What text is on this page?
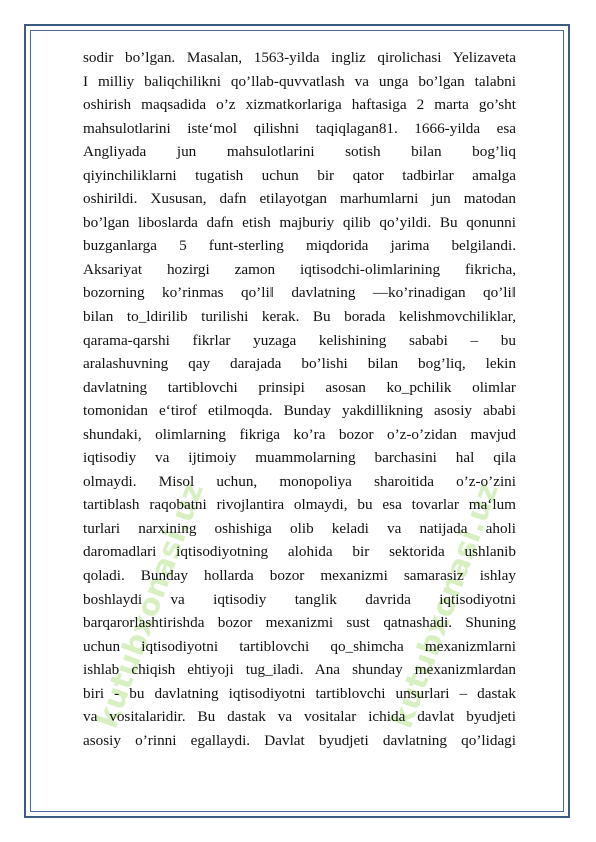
kutubxonasi.uz	kutubxonasi.uz

sodir bo’lgan. Masalan, 1563-yilda ingliz qirolichasi Yelizaveta
I milliy baliqchilikni qo’llab-quvvatlash va unga bo’lgan talabni
oshirish maqsadida o’z xizmatkorlariga haftasiga 2 marta go’sht
mahsulotlarini iste‘mol qilishni taqiqlagan81. 1666-yilda esa
Angliyada jun mahsulotlarini sotish bilan bog’liq
qiyinchiliklarni tugatish uchun bir qator tadbirlar amalga
oshirildi. Xususan, dafn etilayotgan marhumlarni jun matodan
bo’lgan liboslarda dafn etish majburiy qilib qo’yildi. Bu qonunni
buzganlarga 5 funt-sterling miqdorida jarima belgilandi.
Aksariyat hozirgi zamon iqtisodchi-olimlarining fikricha,
bozorning ko’rinmas qo’li‖ davlatning ―ko’rinadigan qo’li‖
bilan to_ldirilib turilishi kerak. Bu borada kelishmovchiliklar,
qarama-qarshi fikrlar yuzaga kelishining sababi – bu
aralashuvning qay darajada bo’lishi bilan bog’liq, lekin
davlatning tartiblovchi prinsipi asosan ko_pchilik olimlar
tomonidan e‘tirof etilmoqda. Bunday yakdillikning asosiy ababi
shundaki, olimlarning fikriga ko’ra bozor o’z-o’zidan mavjud
iqtisodiy va ijtimoiy muammolarning barchasini hal qila
olmaydi. Misol uchun, monopoliya sharoitida o’z-o’zini
tartiblash raqobatni rivojlantira olmaydi, bu esa tovarlar ma‘lum
turlari narxining oshishiga olib keladi va natijada aholi
daromadlari iqtisodiyotning alohida bir sektorida ushlanib
qoladi. Bunday hollarda bozor mexanizmi samarasiz ishlay
boshlaydi va iqtisodiy tanglik davrida iqtisodiyotni
barqarorlashtirishda bozor mexanizmi sust qatnashadi. Shuning
uchun iqtisodiyotni tartiblovchi qo_shimcha mexanizmlarni
ishlab chiqish ehtiyoji tug_iladi. Ana shunday mexanizmlardan
biri - bu davlatning iqtisodiyotni tartiblovchi unsurlari – dastak
va vositalaridir. Bu dastak va vositalar ichida davlat byudjeti
asosiy o’rinni egallaydi. Davlat byudjeti davlatning qo’lidagi
